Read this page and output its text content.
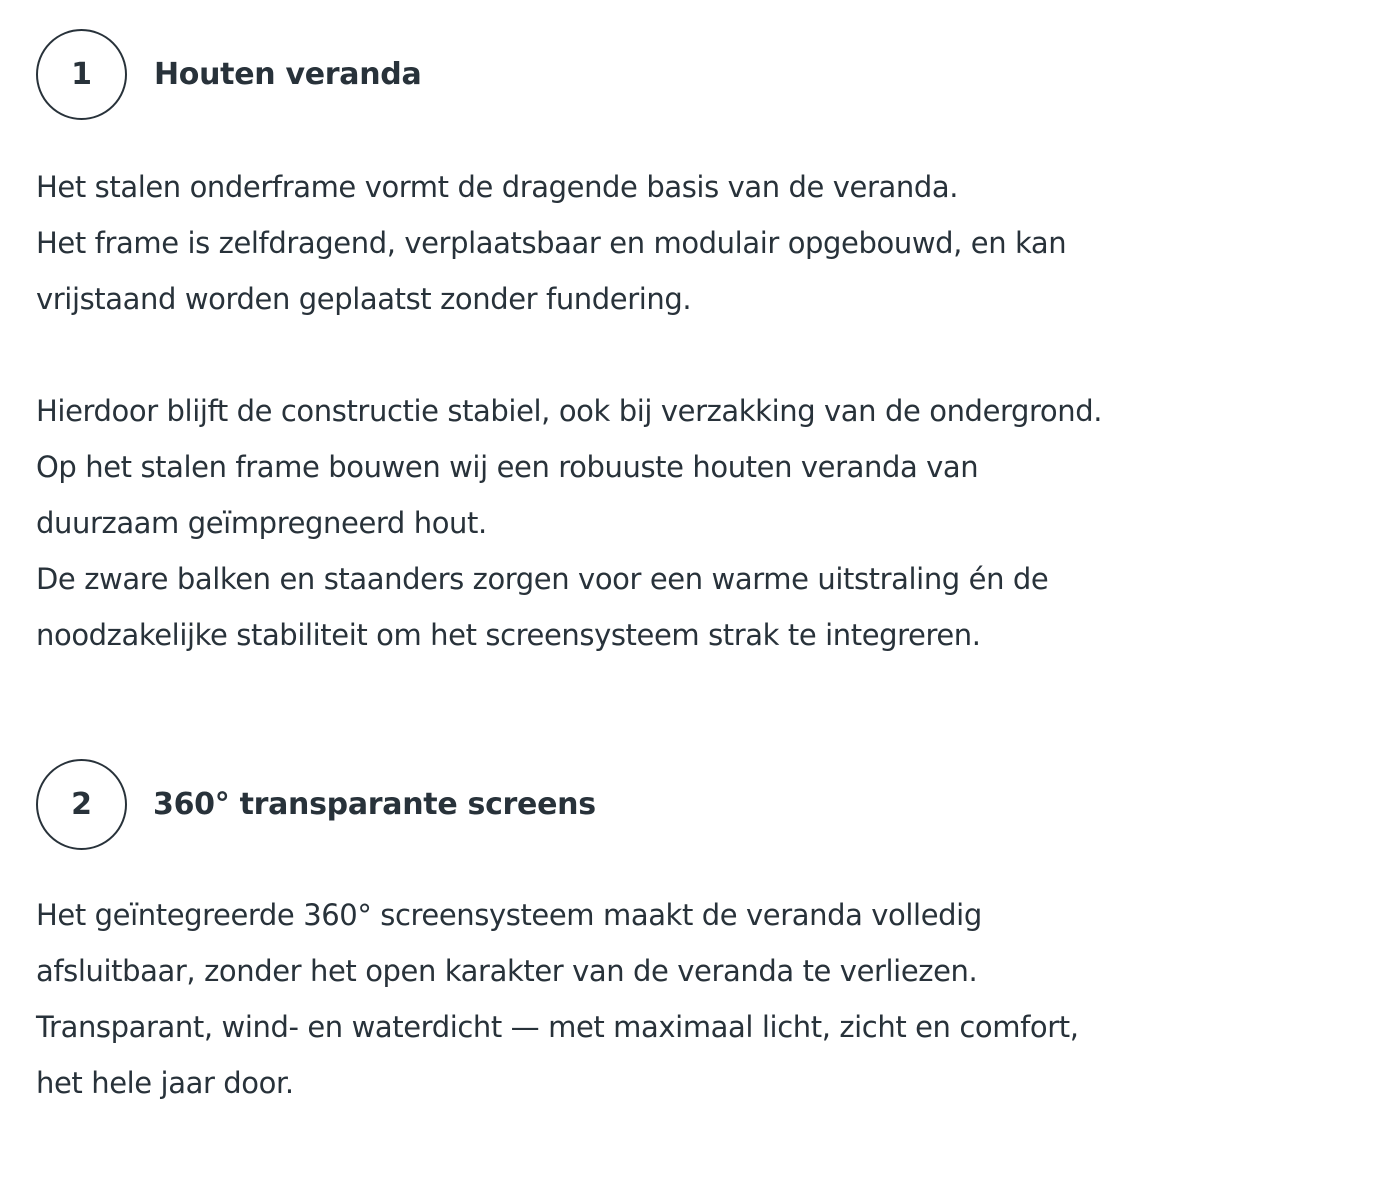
1	Houten veranda
Het stalen onderframe vormt de dragende basis van de veranda.
Het frame is zelfdragend, verplaatsbaar en modulair opgebouwd, en kan
vrijstaand worden geplaatst zonder fundering.
Hierdoor blijft de constructie stabiel, ook bij verzakking van de ondergrond.
Op het stalen frame bouwen wij een robuuste houten veranda van
duurzaam geïmpregneerd hout.
De zware balken en staanders zorgen voor een warme uitstraling én de
noodzakelijke stabiliteit om het screensysteem strak te integreren.
2	360° transparante screens
Het geïntegreerde 360° screensysteem maakt de veranda volledig
afsluitbaar, zonder het open karakter van de veranda te verliezen.
Transparant, wind- en waterdicht — met maximaal licht, zicht en comfort,
het hele jaar door.
